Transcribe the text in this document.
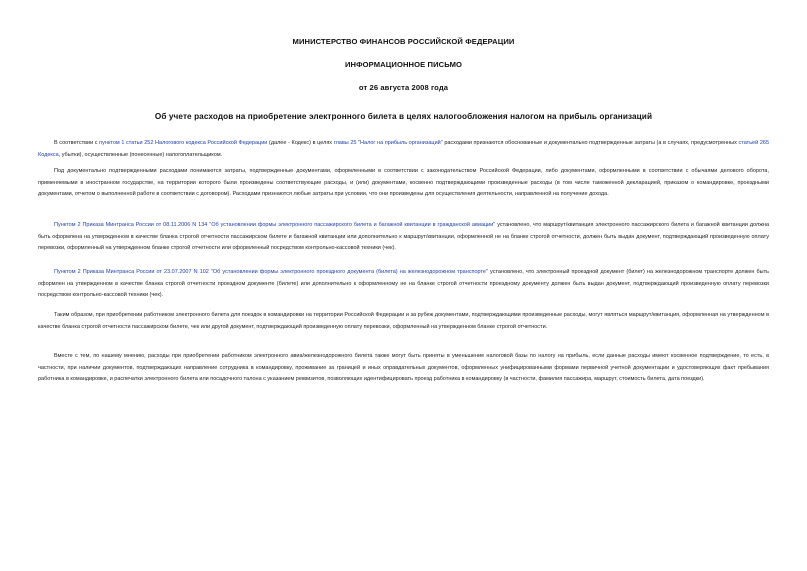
МИНИСТЕРСТВО ФИНАНСОВ РОССИЙСКОЙ ФЕДЕРАЦИИ
ИНФОРМАЦИОННОЕ ПИСЬМО
от 26 августа 2008 года
Об учете расходов на приобретение электронного билета в целях налогообложения налогом на прибыль организаций

В соответствии с пунктом 1 статьи 252 Налогового кодекса Российской Федерации (далее - Кодекс) в целях главы 25 "Налог на прибыль организаций" расходами признаются обоснованные и документально подтвержденные затраты (а в случаях, предусмотренных статьей 265 Кодекса, убытки), осуществленные (понесенные) налогоплательщиком.

Под документально подтвержденными расходами понимаются затраты, подтвержденные документами, оформленными в соответствии с законодательством Российской Федерации, либо документами, оформленными в соответствии с обычаями делового оборота, применяемыми в иностранном государстве, на территории которого были произведены соответствующие расходы, и (или) документами, косвенно подтверждающими произведенные расходы (в том числе таможенной декларацией, приказом о командировке, проездными документами, отчетом о выполненной работе в соответствии с договором). Расходами признаются любые затраты при условии, что они произведены для осуществления деятельности, направленной на получение дохода.

Пунктом 2 Приказа Минтранса России от 08.11.2006 N 134 "Об установлении формы электронного пассажирского билета и багажной квитанции в гражданской авиации" установлено, что маршрут/квитанция электронного пассажирского билета и багажной квитанции должна быть оформлена на утвержденном в качестве бланка строгой отчетности пассажирском билете и багажной квитанции или дополнительно к маршрут/квитанции, оформленной не на бланке строгой отчетности, должен быть выдан документ, подтверждающий произведенную оплату перевозки, оформленный на утвержденном бланке строгой отчетности или оформленный посредством контрольно-кассовой техники (чек).

Пунктом 2 Приказа Минтранса России от 23.07.2007 N 102 "Об установлении формы электронного проездного документа (билета) на железнодорожном транспорте" установлено, что электронный проездной документ (билет) на железнодорожном транспорте должен быть оформлен на утвержденном в качестве бланка строгой отчетности проездном документе (билете) или дополнительно к оформленному не на бланке строгой отчетности проездному документу должен быть выдан документ, подтверждающий произведенную оплату перевозки посредством контрольно-кассовой техники (чек).

Таким образом, при приобретении работником электронного билета для поездок в командировки на территории Российской Федерации и за рубеж документами, подтверждающими произведенные расходы, могут являться маршрут/квитанция, оформленная на утвержденном в качестве бланка строгой отчетности пассажирском билете, чек или другой документ, подтверждающий произведенную оплату перевозки, оформленный на утвержденном бланке строгой отчетности.

Вместе с тем, по нашему мнению, расходы при приобретении работником электронного авиа/железнодорожного билета также могут быть приняты в уменьшение налоговой базы по налогу на прибыль, если данные расходы имеют косвенное подтверждение, то есть, в частности, при наличии документов, подтверждающих направление сотрудника в командировку, проживание за границей и иных оправдательных документов, оформленных унифицированными формами первичной учетной документации и удостоверяющих факт пребывания работника в командировке, и распечатки электронного билета или посадочного талона с указанием реквизитов, позволяющих идентифицировать проезд работника в командировку (в частности, фамилия пассажира, маршрут, стоимость билета, дата поездки).
